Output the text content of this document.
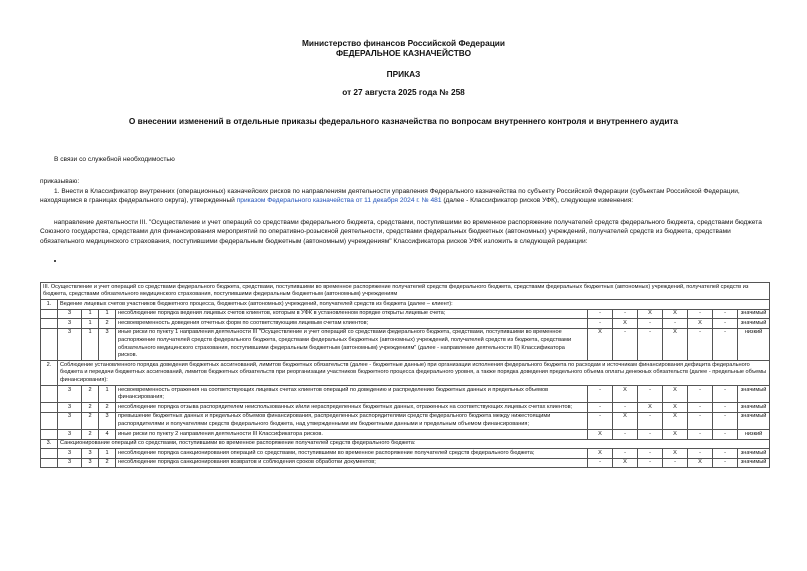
Министерство финансов Российской Федерации
ФЕДЕРАЛЬНОЕ КАЗНАЧЕЙСТВО
ПРИКАЗ
от 27 августа 2025 года № 258
О внесении изменений в отдельные приказы федерального казначейства по вопросам внутреннего контроля и внутреннего аудита
В связи со служебной необходимостью
приказываю:
1. Внести в Классификатор внутренних (операционных) казначейских рисков по направлениям деятельности управления Федерального казначейства по субъекту Российской Федерации (субъектам Российской Федерации, находящимся в границах федерального округа), утвержденный приказом Федерального казначейства от 11 декабря 2024 г. № 481 (далее - Классификатор рисков УФК), следующие изменения:
направление деятельности III. "Осуществление и учет операций со средствами федерального бюджета, средствами, поступившими во временное распоряжение получателей средств федерального бюджета, средствами бюджета Союзного государства, средствами для финансирования мероприятий по оперативно-розыскной деятельности, средствами федеральных бюджетных (автономных) учреждений, получателей средств из бюджета, средствами обязательного медицинского страхования, поступившими федеральным бюджетным (автономным) учреждениям" Классификатора рисков УФК изложить в следующей редакции:
III. Осуществление и учет операций со средствами федерального бюджета, средствами, поступившими во временное распоряжение получателей средств федерального бюджета, средствами федеральных бюджетных (автономных) учреждений, получателей средств из бюджета, средствами обязательного медицинского страхования, поступившими федеральным бюджетным (автономным) учреждениям											
1.	Ведение лицевых счетов участников бюджетного процесса, бюджетных (автономных) учреждений, получателей средств из бюджета (далее – клиент):										
	3	1	1	несоблюдение порядка ведения лицевых счетов клиентов, которым в УФК в установленном порядке открыты лицевые счета;	-	-	X	X	-	-	значимый
	3	1	2	несвоевременность доведения отчетных форм по соответствующим лицевым счетам клиентов;	-	X	-	-	X	-	значимый
	3	1	3	иные риски по пункту 1 направления деятельности III "Осуществление и учет операций со средствами федерального бюджета, средствами, поступившими во временное распоряжение получателей средств федерального бюджета, средствами федеральных бюджетных (автономных) учреждений, получателей средств из бюджета, средствами обязательного медицинского страхования, поступившими федеральным бюджетным (автономным) учреждениям" (далее - направление деятельности III) Классификатора рисков.	X	-	-	X	-	-	низкий
2.	Соблюдение установленного порядка доведения бюджетных ассигнований, лимитов бюджетных обязательств (далее - бюджетные данные) при организации исполнения федерального бюджета по расходам и источникам финансирования дефицита федерального бюджета и передачи бюджетных ассигнований, лимитов бюджетных обязательств при реорганизации участников бюджетного процесса федерального уровня, а также порядка доведения предельного объема оплаты денежных обязательств (далее - предельные объемы финансирования):										
	3	2	1	несвоевременность отражения на соответствующих лицевых счетах клиентов операций по доведению и распределению бюджетных данных и предельных объемов финансирования;	-	X	-	X	-	-	значимый
	3	2	2	несоблюдение порядка отзыва распорядителем неиспользованных и/или нераспределенных бюджетных данных, отраженных на соответствующих лицевых счетах клиентов;	-	-	X	X	-	-	значимый
	3	2	3	превышение бюджетных данных и предельных объемов финансирования, распределенных распорядителями средств федерального бюджета между нижестоящими распорядителями и получателями средств федерального бюджета, над утвержденными им бюджетными данными и предельным объемом финансирования;	-	X	-	X	-	-	значимый
	3	2	4	иные риски по пункту 2 направления деятельности III Классификатора рисков.	X	-	-	X	-	-	низкий
3.	Санкционирование операций со средствами, поступившими во временное распоряжение получателей средств федерального бюджета:										
	3	3	1	несоблюдение порядка санкционирования операций со средствами, поступившими во временное распоряжение получателей средств федерального бюджета;	X	-	-	X	-	-	значимый
	3	3	2	несоблюдение порядка санкционирования возвратов и соблюдения сроков обработки документов;	-	X	-	-	X	-	значимый
